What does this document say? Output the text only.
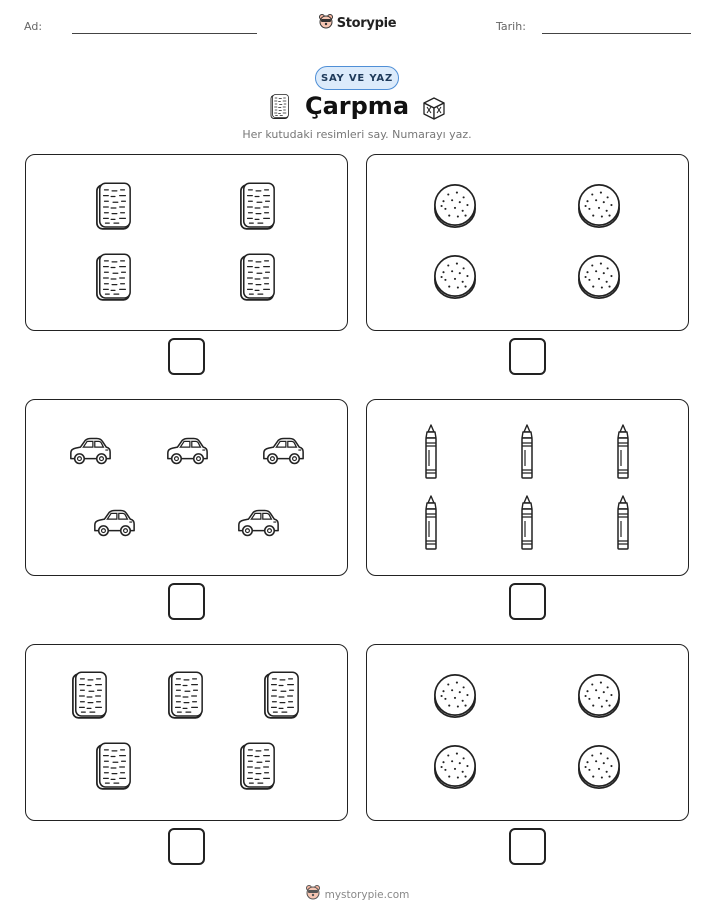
Ad:	Storypie	Tarih:
SAY VE YAZ
Çarpma
Her kutudaki resimleri say. Numarayı yaz.
mystorypie.com
